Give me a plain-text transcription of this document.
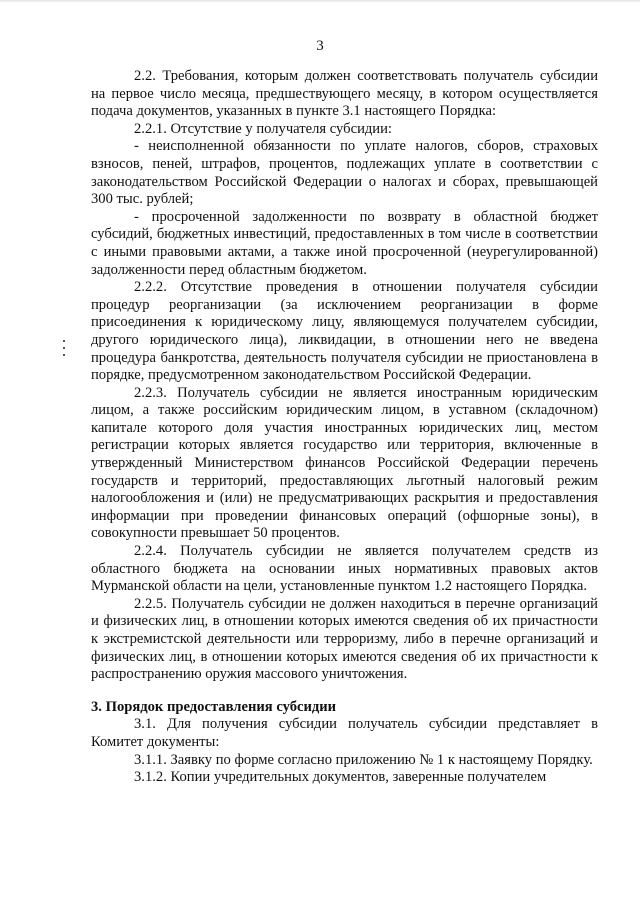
3

2.2. Требования, которым должен соответствовать получатель субсидии на первое число месяца, предшествующего месяцу, в котором осуществляется подача документов, указанных в пункте 3.1 настоящего Порядка:

2.2.1. Отсутствие у получателя субсидии:

- неисполненной обязанности по уплате налогов, сборов, страховых взносов, пеней, штрафов, процентов, подлежащих уплате в соответствии с законодательством Российской Федерации о налогах и сборах, превышающей 300 тыс. рублей;

- просроченной задолженности по возврату в областной бюджет субсидий, бюджетных инвестиций, предоставленных в том числе в соответствии с иными правовыми актами, а также иной просроченной (неурегулированной) задолженности перед областным бюджетом.

2.2.2. Отсутствие проведения в отношении получателя субсидии процедур реорганизации (за исключением реорганизации в форме присоединения к юридическому лицу, являющемуся получателем субсидии, другого юридического лица), ликвидации, в отношении него не введена процедура банкротства, деятельность получателя субсидии не приостановлена в порядке, предусмотренном законодательством Российской Федерации.

2.2.3. Получатель субсидии не является иностранным юридическим лицом, а также российским юридическим лицом, в уставном (складочном) капитале которого доля участия иностранных юридических лиц, местом регистрации которых является государство или территория, включенные в утвержденный Министерством финансов Российской Федерации перечень государств и территорий, предоставляющих льготный налоговый режим налогообложения и (или) не предусматривающих раскрытия и предоставления информации при проведении финансовых операций (офшорные зоны), в совокупности превышает 50 процентов.

2.2.4. Получатель субсидии не является получателем средств из областного бюджета на основании иных нормативных правовых актов Мурманской области на цели, установленные пунктом 1.2 настоящего Порядка.

2.2.5. Получатель субсидии не должен находиться в перечне организаций и физических лиц, в отношении которых имеются сведения об их причастности к экстремистской деятельности или терроризму, либо в перечне организаций и физических лиц, в отношении которых имеются сведения об их причастности к распространению оружия массового уничтожения.

3. Порядок предоставления субсидии

3.1. Для получения субсидии получатель субсидии представляет в Комитет документы:

3.1.1. Заявку по форме согласно приложению № 1 к настоящему Порядку.

3.1.2. Копии учредительных документов, заверенные получателем
